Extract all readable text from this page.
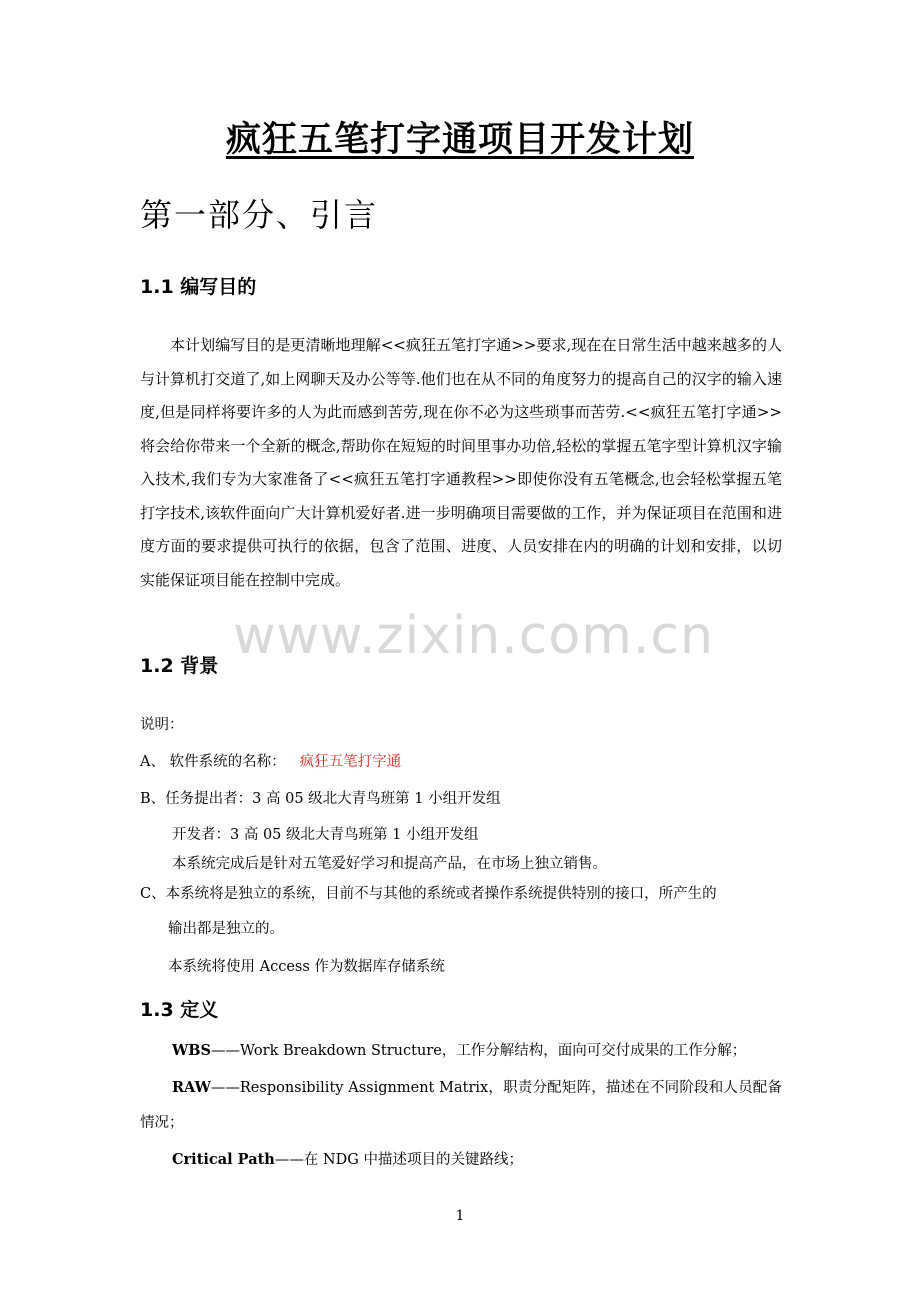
疯狂五笔打字通项目开发计划
第一部分、引言
1.1 编写目的
本计划编写目的是更清晰地理解<<疯狂五笔打字通>>要求,现在在日常生活中越来越多的人与计算机打交道了,如上网聊天及办公等等.他们也在从不同的角度努力的提高自己的汉字的输入速度,但是同样将要许多的人为此而感到苦劳,现在你不必为这些琐事而苦劳.<<疯狂五笔打字通>>将会给你带来一个全新的概念,帮助你在短短的时间里事办功倍,轻松的掌握五笔字型计算机汉字输入技术,我们专为大家准备了<<疯狂五笔打字通教程>>即使你没有五笔概念,也会轻松掌握五笔打字技术,该软件面向广大计算机爱好者.进一步明确项目需要做的工作，并为保证项目在范围和进度方面的要求提供可执行的依据，包含了范围、进度、人员安排在内的明确的计划和安排，以切实能保证项目能在控制中完成。
www.zixin.com.cn
1.2 背景
说明：
A、 软件系统的名称： 疯狂五笔打字通
B、任务提出者：3 高 05 级北大青鸟班第 1 小组开发组
开发者：3 高 05 级北大青鸟班第 1 小组开发组
本系统完成后是针对五笔爱好学习和提高产品，在市场上独立销售。
C、本系统将是独立的系统，目前不与其他的系统或者操作系统提供特别的接口，所产生的
输出都是独立的。
本系统将使用 Access 作为数据库存储系统
1.3 定义
WBS——Work Breakdown Structure，工作分解结构，面向可交付成果的工作分解；
RAW——Responsibility Assignment Matrix，职责分配矩阵，描述在不同阶段和人员配备情况；
Critical Path——在 NDG 中描述项目的关键路线；
1
